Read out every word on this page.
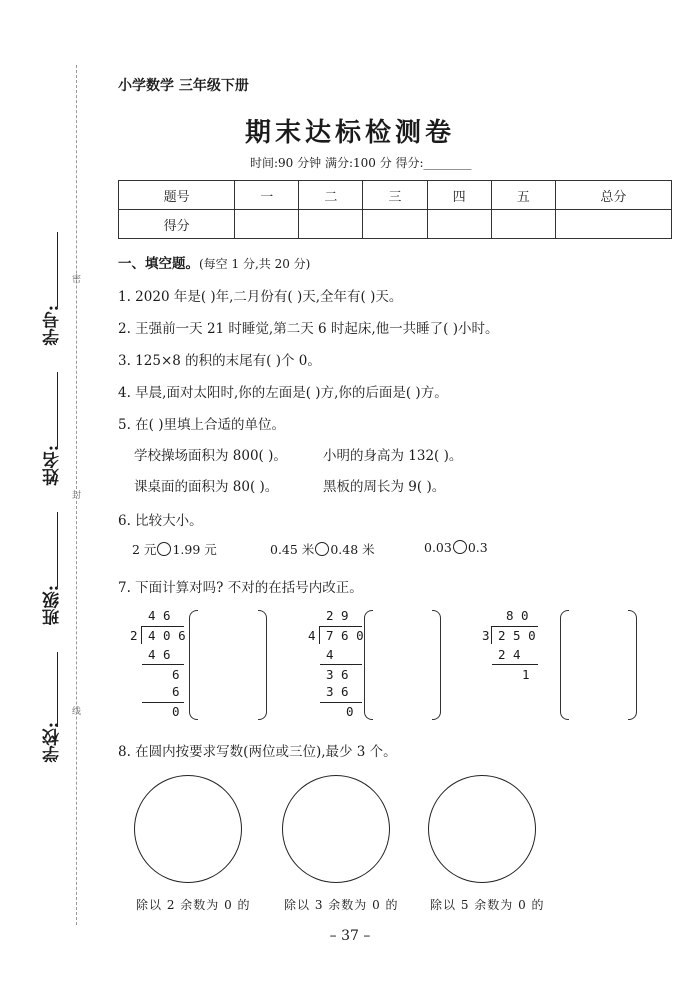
密
封
线
学号:
姓名:
班级:
学校:
小学数学 三年级下册
期末达标检测卷
时间:90 分钟 满分:100 分 得分:________
题号	一	二	三	四	五	总分
得分						
一、填空题。(每空 1 分,共 20 分)
1. 2020 年是( )年,二月份有( )天,全年有( )天。
2. 王强前一天 21 时睡觉,第二天 6 时起床,他一共睡了( )小时。
3. 125×8 的积的末尾有( )个 0。
4. 早晨,面对太阳时,你的左面是( )方,你的后面是( )方。
5. 在( )里填上合适的单位。
学校操场面积为 800( )。	小明的身高为 132( )。
课桌面的面积为 80( )。	黑板的周长为 9( )。
6. 比较大小。
2 元 1.99 元	0.45 米 0.48 米	0.03 0.3
7. 下面计算对吗? 不对的在括号内改正。
4 6
2 4 0 6
4 6
6
6
0
2 9
4 7 6 0
4
3 6
3 6
0
8 0
3 2 5 0
2 4
1
8. 在圆内按要求写数(两位或三位),最少 3 个。
除以 2 余数为 0 的	除以 3 余数为 0 的	除以 5 余数为 0 的
– 37 –
